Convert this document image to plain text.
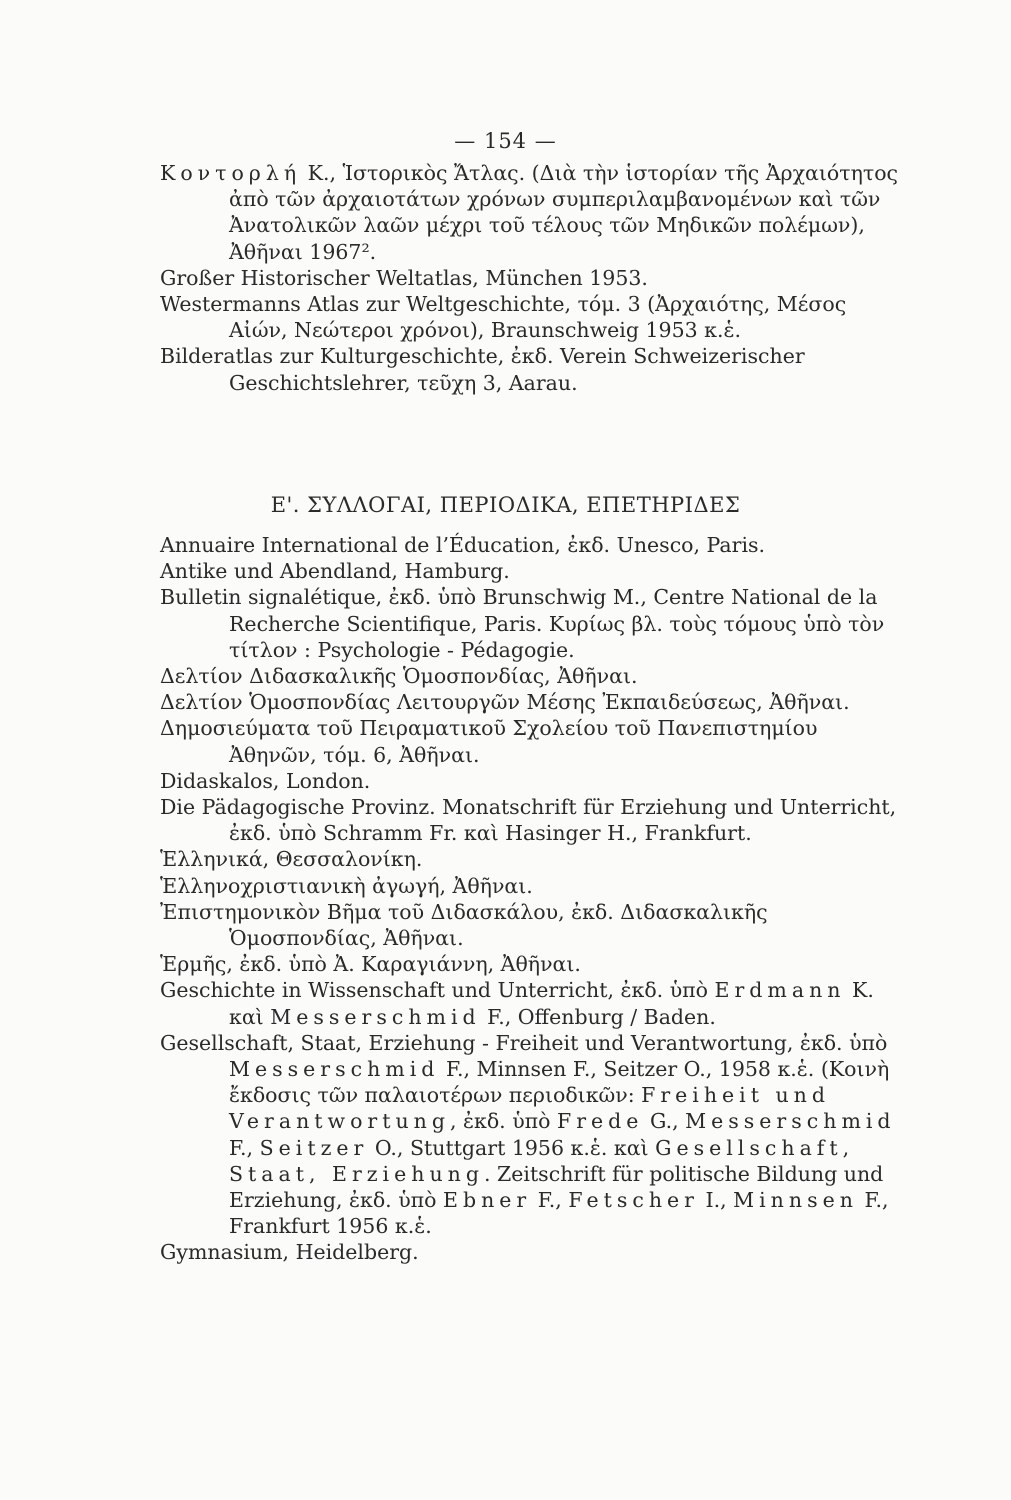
— 154 —

Κοντορλή Κ., Ἱστορικὸς Ἄτλας. (Διὰ τὴν ἱστορίαν τῆς Ἀρχαιότητος ἀπὸ τῶν ἀρχαιοτάτων χρόνων συμπεριλαμβανομένων καὶ τῶν Ἀνατολικῶν λαῶν μέχρι τοῦ τέλους τῶν Μηδικῶν πολέμων), Ἀθῆναι 1967².

Großer Historischer Weltatlas, München 1953.

Westermanns Atlas zur Weltgeschichte, τόμ. 3 (Ἀρχαιότης, Μέσος Αἰών, Νεώτεροι χρόνοι), Braunschweig 1953 κ.ἑ.

Bilderatlas zur Kulturgeschichte, ἐκδ. Verein Schweizerischer Geschichtslehrer, τεῦχη 3, Aarau.

Ε'. ΣΥΛΛΟΓΑΙ, ΠΕΡΙΟΔΙΚΑ, ΕΠΕΤΗΡΙΔΕΣ

Annuaire International de l’Éducation, ἐκδ. Unesco, Paris.

Antike und Abendland, Hamburg.

Bulletin signalétique, ἐκδ. ὑπὸ Brunschwig M., Centre National de la Recherche Scientifique, Paris. Κυρίως βλ. τοὺς τόμους ὑπὸ τὸν τίτλον : Psychologie - Pédagogie.

Δελτίον Διδασκαλικῆς Ὁμοσπονδίας, Ἀθῆναι.

Δελτίον Ὁμοσπονδίας Λειτουργῶν Μέσης Ἐκπαιδεύσεως, Ἀθῆναι.

Δημοσιεύματα τοῦ Πειραματικοῦ Σχολείου τοῦ Πανεπιστημίου Ἀθηνῶν, τόμ. 6, Ἀθῆναι.

Didaskalos, London.

Die Pädagogische Provinz. Monatschrift für Erziehung und Unterricht, ἐκδ. ὑπὸ Schramm Fr. καὶ Hasinger H., Frankfurt.

Ἑλληνικά, Θεσσαλονίκη.

Ἑλληνοχριστιανικὴ ἀγωγή, Ἀθῆναι.

Ἐπιστημονικὸν Βῆμα τοῦ Διδασκάλου, ἐκδ. Διδασκαλικῆς Ὁμοσπονδίας, Ἀθῆναι.

Ἑρμῆς, ἐκδ. ὑπὸ Ἀ. Καραγιάννη, Ἀθῆναι.

Geschichte in Wissenschaft und Unterricht, ἐκδ. ὑπὸ Erdmann K. καὶ Messerschmid F., Offenburg / Baden.

Gesellschaft, Staat, Erziehung - Freiheit und Verantwortung, ἐκδ. ὑπὸ Messerschmid F., Minnsen F., Seitzer O., 1958 κ.ἑ. (Κοινὴ ἔκδοσις τῶν παλαιοτέρων περιοδικῶν: Freiheit und Verantwortung, ἐκδ. ὑπὸ Frede G., Messerschmid F., Seitzer O., Stuttgart 1956 κ.ἑ. καὶ Gesellschaft, Staat, Erziehung. Zeitschrift für politische Bildung und Erziehung, ἐκδ. ὑπὸ Ebner F., Fetscher I., Minnsen F., Frankfurt 1956 κ.ἑ.

Gymnasium, Heidelberg.
